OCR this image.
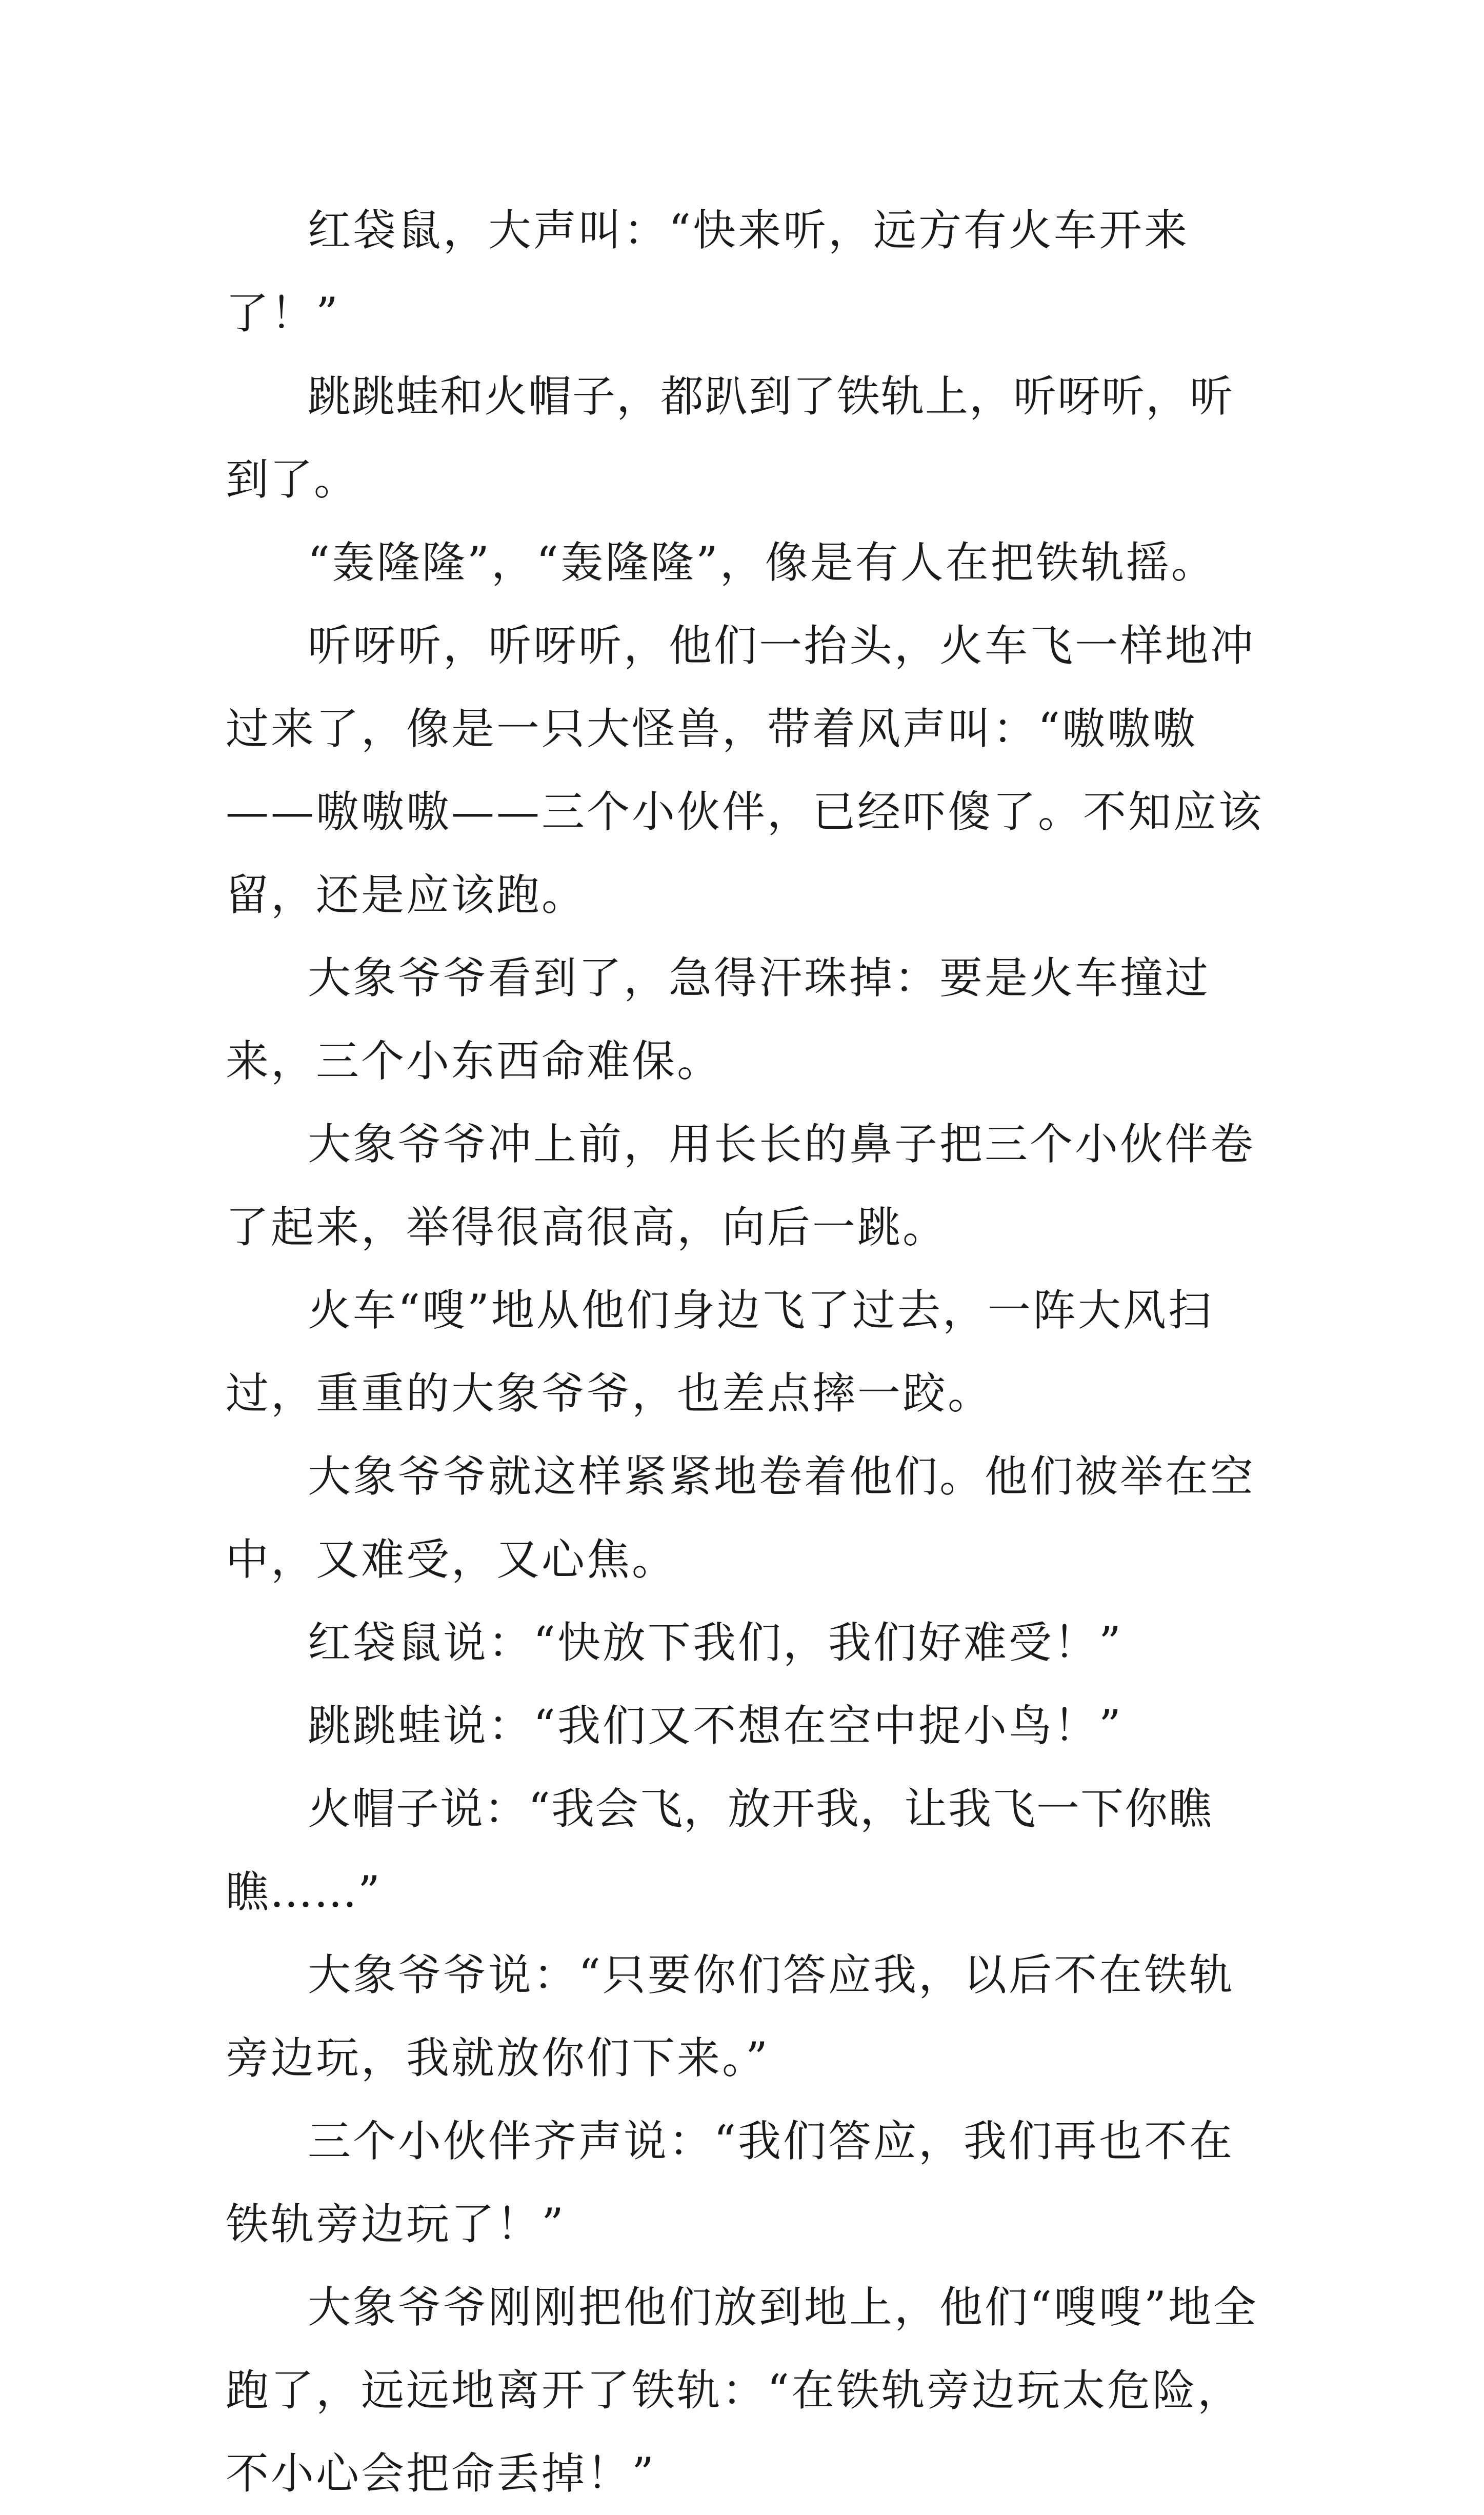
红袋鼠，大声叫：“快来听，远方有火车开来了！”

跳跳蛙和火帽子，都趴到了铁轨上，听呀听，听到了。

“轰隆隆”，“轰隆隆”，像是有人在把铁轨摇。

听呀听，听呀听，他们一抬头，火车飞一样地冲过来了，像是一只大怪兽，带着风声叫：“嗷嗷嗷——嗷嗷嗷——三个小伙伴，已经吓傻了。不知应该留，还是应该跑。

大象爷爷看到了，急得汗珠掉：要是火车撞过来，三个小东西命难保。

大象爷爷冲上前，用长长的鼻子把三个小伙伴卷了起来，举得很高很高，向后一跳。

火车“嗖”地从他们身边飞了过去，一阵大风扫过，重重的大象爷爷，也差点摔一跤。

大象爷爷就这样紧紧地卷着他们。他们被举在空中，又难受，又心焦。

红袋鼠说：“快放下我们，我们好难受！”

跳跳蛙说：“我们又不想在空中捉小鸟！”

火帽子说：“我会飞，放开我，让我飞一下你瞧瞧……”

大象爷爷说：“只要你们答应我，以后不在铁轨旁边玩，我就放你们下来。”

三个小伙伴齐声说：“我们答应，我们再也不在铁轨旁边玩了！”

大象爷爷刚刚把他们放到地上，他们“嗖嗖”地全跑了，远远地离开了铁轨：“在铁轨旁边玩太危险，不小心会把命丢掉！”
